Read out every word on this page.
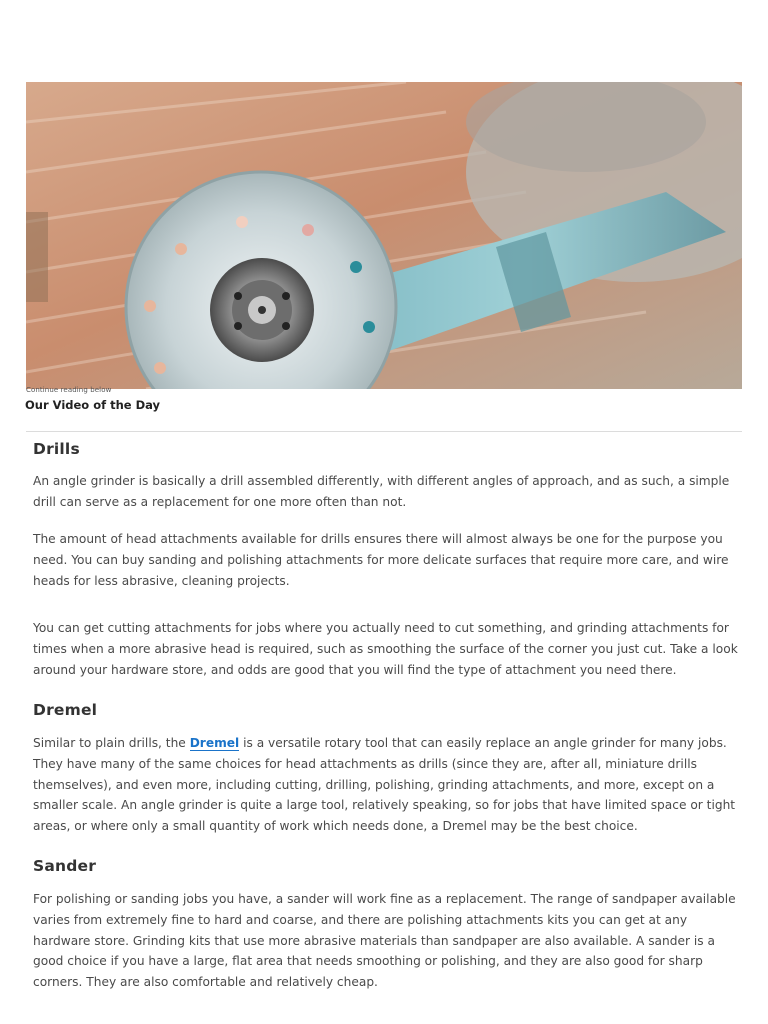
Continue reading below
Our Video of the Day
Drills

An angle grinder is basically a drill assembled differently, with different angles of approach, and as such, a simple drill can serve as a replacement for one more often than not.

The amount of head attachments available for drills ensures there will almost always be one for the purpose you need. You can buy sanding and polishing attachments for more delicate surfaces that require more care, and wire heads for less abrasive, cleaning projects.

You can get cutting attachments for jobs where you actually need to cut something, and grinding attachments for times when a more abrasive head is required, such as smoothing the surface of the corner you just cut. Take a look around your hardware store, and odds are good that you will find the type of attachment you need there.

Dremel

Similar to plain drills, the Dremel is a versatile rotary tool that can easily replace an angle grinder for many jobs. They have many of the same choices for head attachments as drills (since they are, after all, miniature drills themselves), and even more, including cutting, drilling, polishing, grinding attachments, and more, except on a smaller scale. An angle grinder is quite a large tool, relatively speaking, so for jobs that have limited space or tight areas, or where only a small quantity of work which needs done, a Dremel may be the best choice.

Sander

For polishing or sanding jobs you have, a sander will work fine as a replacement. The range of sandpaper available varies from extremely fine to hard and coarse, and there are polishing attachments kits you can get at any hardware store. Grinding kits that use more abrasive materials than sandpaper are also available. A sander is a good choice if you have a large, flat area that needs smoothing or polishing, and they are also good for sharp corners. They are also comfortable and relatively cheap.
